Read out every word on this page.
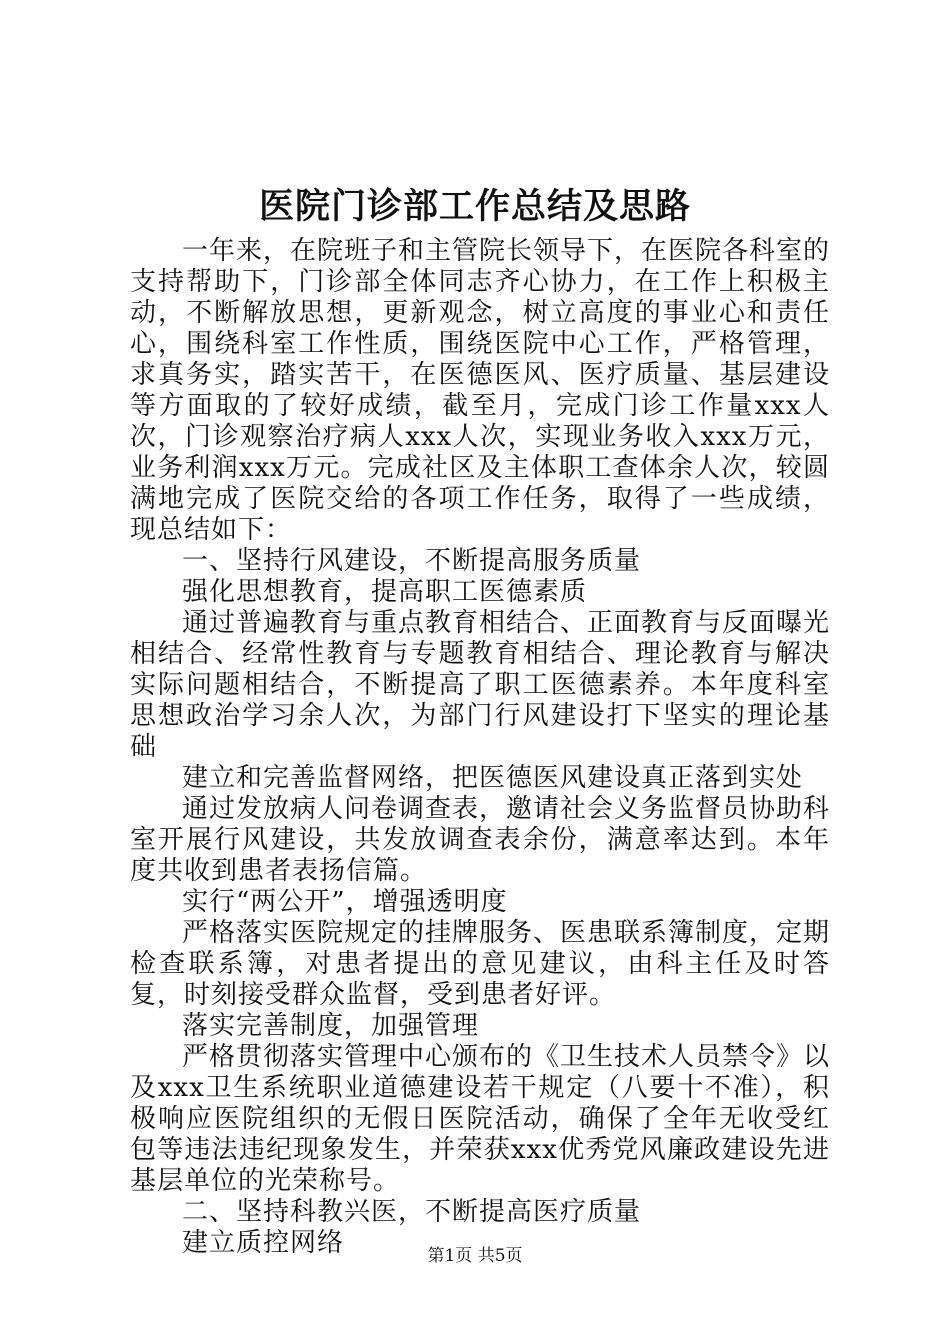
医院门诊部工作总结及思路

一年来，在院班子和主管院长领导下，在医院各科室的支持帮助下，门诊部全体同志齐心协力，在工作上积极主动，不断解放思想，更新观念，树立高度的事业心和责任心，围绕科室工作性质，围绕医院中心工作，严格管理，求真务实，踏实苦干，在医德医风、医疗质量、基层建设等方面取的了较好成绩，截至月，完成门诊工作量xxx人次，门诊观察治疗病人xxx人次，实现业务收入xxx万元，业务利润xxx万元。完成社区及主体职工查体余人次，较圆满地完成了医院交给的各项工作任务，取得了一些成绩，现总结如下：

一、坚持行风建设，不断提高服务质量

强化思想教育，提高职工医德素质

通过普遍教育与重点教育相结合、正面教育与反面曝光相结合、经常性教育与专题教育相结合、理论教育与解决实际问题相结合，不断提高了职工医德素养。本年度科室思想政治学习余人次，为部门行风建设打下坚实的理论基础

建立和完善监督网络，把医德医风建设真正落到实处

通过发放病人问卷调查表，邀请社会义务监督员协助科室开展行风建设，共发放调查表余份，满意率达到。本年度共收到患者表扬信篇。

实行“两公开”，增强透明度

严格落实医院规定的挂牌服务、医患联系簿制度，定期检查联系簿，对患者提出的意见建议，由科主任及时答复，时刻接受群众监督，受到患者好评。

落实完善制度，加强管理

严格贯彻落实管理中心颁布的《卫生技术人员禁令》以及xxx卫生系统职业道德建设若干规定（八要十不准），积极响应医院组织的无假日医院活动，确保了全年无收受红包等违法违纪现象发生，并荣获xxx优秀党风廉政建设先进基层单位的光荣称号。

二、坚持科教兴医，不断提高医疗质量

建立质控网络	第1页 共5页
